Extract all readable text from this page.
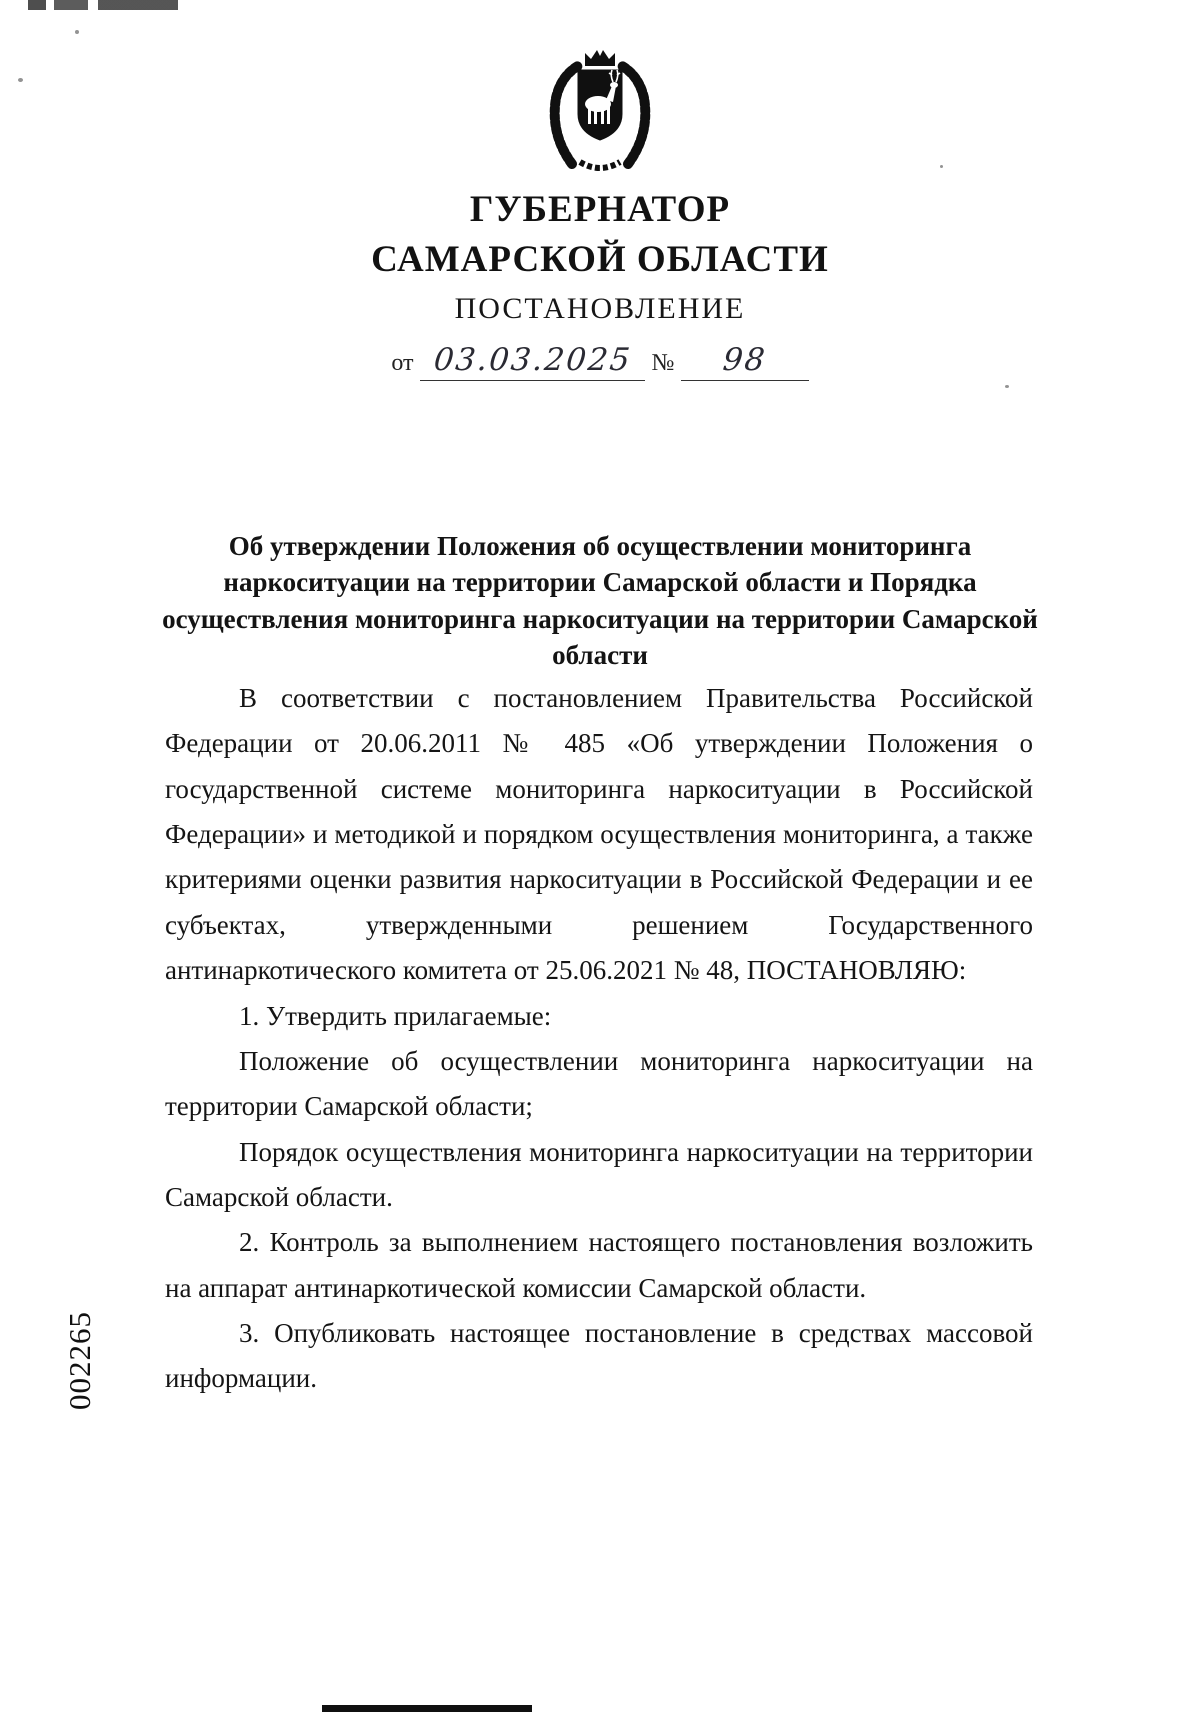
ГУБЕРНАТОР
САМАРСКОЙ ОБЛАСТИ
ПОСТАНОВЛЕНИЕ
от 03.03.2025 № 98
Об утверждении Положения об осуществлении мониторинга наркоситуации на территории Самарской области и Порядка осуществления мониторинга наркоситуации на территории Самарской области

В соответствии с постановлением Правительства Российской Федерации от 20.06.2011 № 485 «Об утверждении Положения о государственной системе мониторинга наркоситуации в Российской Федерации» и методикой и порядком осуществления мониторинга, а также критериями оценки развития наркоситуации в Российской Федерации и ее субъектах, утвержденными решением Государственного антинаркотического комитета от 25.06.2021 № 48, ПОСТАНОВЛЯЮ:

1. Утвердить прилагаемые:

Положение об осуществлении мониторинга наркоситуации на территории Самарской области;

Порядок осуществления мониторинга наркоситуации на территории Самарской области.

2. Контроль за выполнением настоящего постановления возложить на аппарат антинаркотической комиссии Самарской области.

3. Опубликовать настоящее постановление в средствах массовой информации.

002265
